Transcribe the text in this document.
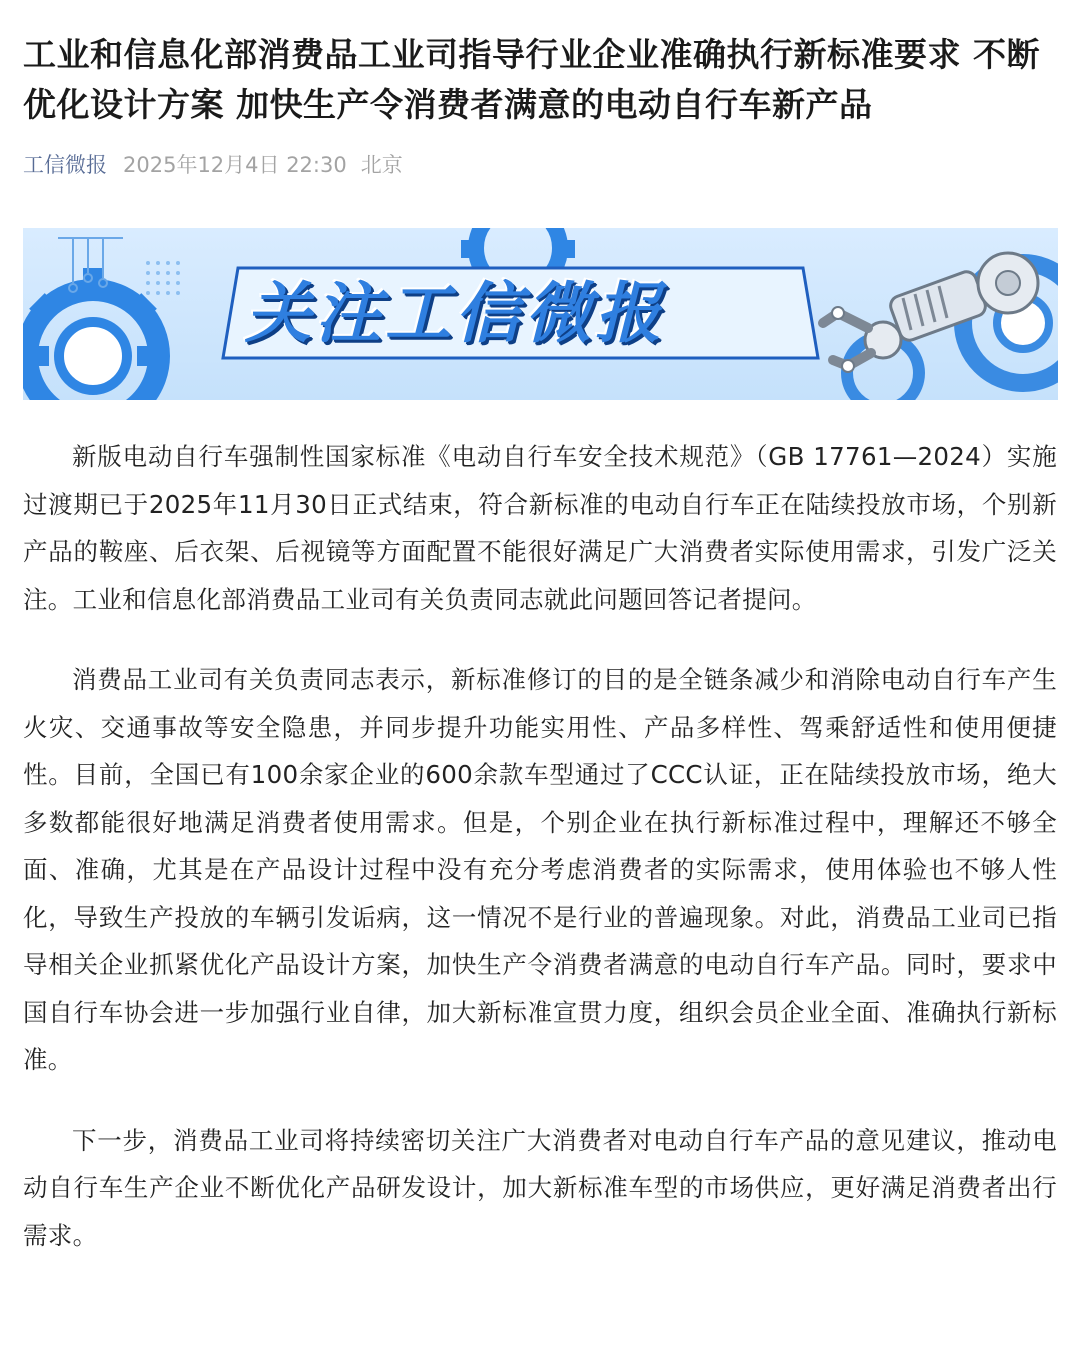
工业和信息化部消费品工业司指导行业企业准确执行新标准要求 不断优化设计方案 加快生产令消费者满意的电动自行车新产品
工信微报 2025年12月4日 22:30 北京
关注工信微报

新版电动自行车强制性国家标准《电动自行车安全技术规范》（GB 17761—2024）实施过渡期已于2025年11月30日正式结束，符合新标准的电动自行车正在陆续投放市场，个别新产品的鞍座、后衣架、后视镜等方面配置不能很好满足广大消费者实际使用需求，引发广泛关注。工业和信息化部消费品工业司有关负责同志就此问题回答记者提问。

消费品工业司有关负责同志表示，新标准修订的目的是全链条减少和消除电动自行车产生火灾、交通事故等安全隐患，并同步提升功能实用性、产品多样性、驾乘舒适性和使用便捷性。目前，全国已有100余家企业的600余款车型通过了CCC认证，正在陆续投放市场，绝大多数都能很好地满足消费者使用需求。但是，个别企业在执行新标准过程中，理解还不够全面、准确，尤其是在产品设计过程中没有充分考虑消费者的实际需求，使用体验也不够人性化，导致生产投放的车辆引发诟病，这一情况不是行业的普遍现象。对此，消费品工业司已指导相关企业抓紧优化产品设计方案，加快生产令消费者满意的电动自行车产品。同时，要求中国自行车协会进一步加强行业自律，加大新标准宣贯力度，组织会员企业全面、准确执行新标准。

下一步，消费品工业司将持续密切关注广大消费者对电动自行车产品的意见建议，推动电动自行车生产企业不断优化产品研发设计，加大新标准车型的市场供应，更好满足消费者出行需求。
